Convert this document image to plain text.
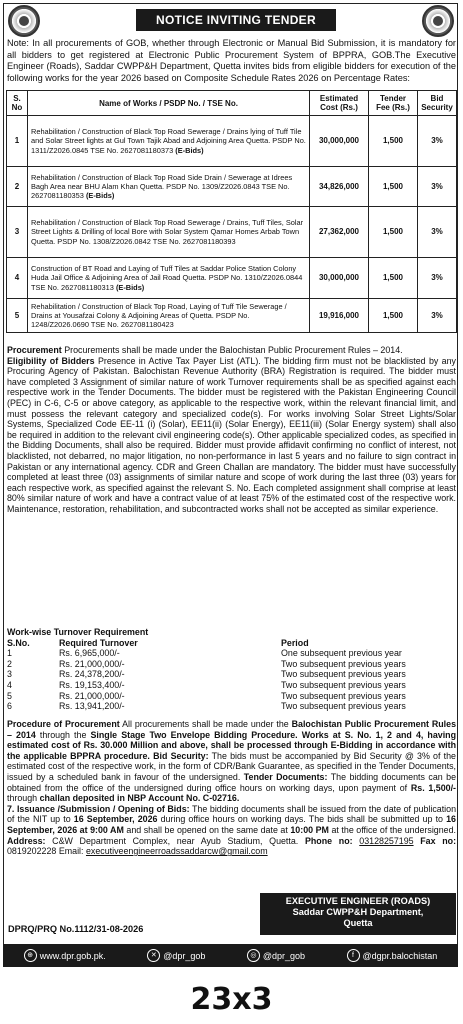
NOTICE INVITING TENDER
Note: In all procurements of GOB, whether through Electronic or Manual Bid Submission, it is mandatory for all bidders to get registered at Electronic Public Procurement System of BPPRA, GOB.The Executive Engineer (Roads), Saddar CWPP&H Department, Quetta invites bids from eligible bidders for execution of the following works for the year 2026 based on Composite Schedule Rates 2026 on Percentage Rates:
S. No	Name of Works / PSDP No. / TSE No.	Estimated Cost (Rs.)	Tender Fee (Rs.)	Bid Security
1	Rehabilitation / Construction of Black Top Road Sewerage / Drains lying of Tuff Tile and Solar Street lights at Gul Town Tajik Abad and Adjoining Area Quetta. PSDP No. 1311/Z2026.0845 TSE No. 2627081180373 (E-Bids)	30,000,000	1,500	3%
2	Rehabilitation / Construction of Black Top Road Side Drain / Sewerage at Idrees Bagh Area near BHU Alam Khan Quetta. PSDP No. 1309/Z2026.0843 TSE No. 2627081180353 (E-Bids)	34,826,000	1,500	3%
3	Rehabilitation / Construction of Black Top Road Sewerage / Drains, Tuff Tiles, Solar Street Lights & Drilling of local Bore with Solar System Qamar Homes Arbab Town Quetta. PSDP No. 1308/Z2026.0842 TSE No. 2627081180393	27,362,000	1,500	3%
4	Construction of BT Road and Laying of Tuff Tiles at Saddar Police Station Colony Huda Jail Office & Adjoining Area of Jail Road Quetta. PSDP No. 1310/Z2026.0844 TSE No. 2627081180313 (E-Bids)	30,000,000	1,500	3%
5	Rehabilitation / Construction of Black Top Road, Laying of Tuff Tile Sewerage / Drains at Yousafzai Colony & Adjoining Areas of Quetta. PSDP No. 1248/Z2026.0690 TSE No. 2627081180423	19,916,000	1,500	3%

Procurement Procurements shall be made under the Balochistan Public Procurement Rules – 2014.

Eligibility of Bidders Presence in Active Tax Payer List (ATL). The bidding firm must not be blacklisted by any Procuring Agency of Pakistan. Balochistan Revenue Authority (BRA) Registration is required. The bidder must have completed 3 Assignment of similar nature of work Turnover requirements shall be as specified against each respective work in the Tender Documents. The bidder must be registered with the Pakistan Engineering Council (PEC) in C-6, C-5 or above category, as applicable to the respective work, within the relevant financial limit, and must possess the relevant category and specialized code(s). For works involving Solar Street Lights/Solar Systems, Specialized Code EE-11 (i) (Solar), EE11(ii) (Solar Energy), EE11(iii) (Solar Energy system) shall also be required in addition to the relevant civil engineering code(s). Other applicable specialized codes, as specified in the Bidding Documents, shall also be required. Bidder must provide affidavit confirming no conflict of interest, not blacklisted, not debarred, no major litigation, no non-performance in last 5 years and no failure to sign contract in Pakistan or any international agency. CDR and Green Challan are mandatory. The bidder must have successfully completed at least three (03) assignments of similar nature and scope of work during the last three (03) years for each respective work, as specified against the relevant S. No. Each completed assignment shall comprise at least 80% similar nature of work and have a contract value of at least 75% of the estimated cost of the respective work. Maintenance, restoration, rehabilitation, and subcontracted works shall not be accepted as similar experience.

Work-wise Turnover Requirement
S.No.	Required Turnover	Period
1	Rs. 6,965,000/-	One subsequent previous year
2	Rs. 21,000,000/-	Two subsequent previous years
3	Rs. 24,378,200/-	Two subsequent previous years
4	Rs. 19,153,400/-	Two subsequent previous years
5	Rs. 21,000,000/-	Two subsequent previous years
6	Rs. 13,941,200/-	Two subsequent previous years

Procedure of Procurement All procurements shall be made under the Balochistan Public Procurement Rules – 2014 through the Single Stage Two Envelope Bidding Procedure. Works at S. No. 1, 2 and 4, having estimated cost of Rs. 30.000 Million and above, shall be processed through E-Bidding in accordance with the applicable BPPRA procedure. Bid Security: The bids must be accompanied by Bid Security @ 3% of the estimated cost of the respective work, in the form of CDR/Bank Guarantee, as specified in the Tender Documents, issued by a scheduled bank in favour of the undersigned. Tender Documents: The bidding documents can be obtained from the office of the undersigned during office hours on working days, upon payment of Rs. 1,500/- through challan deposited in NBP Account No. C-02716.

7. Issuance /Submission / Opening of Bids: The bidding documents shall be issued from the date of publication of the NIT up to 16 September, 2026 during office hours on working days. The bids shall be submitted up to 16 September, 2026 at 9:00 AM and shall be opened on the same date at 10:00 PM at the office of the undersigned. Address: C&W Department Complex, near Ayub Stadium, Quetta. Phone no: 03128257195 Fax no: 0819202228 Email: executiveengineerroadssaddarcw@gmail.com

EXECUTIVE ENGINEER (ROADS)
Saddar CWPP&H Department,
Quetta
DPRQ/PRQ No.1112/31-08-2026
⊕ www.dpr.gob.pk.	✕ @dpr_gob	◎ @dpr_gob	f @dgpr.balochistan
23x3
